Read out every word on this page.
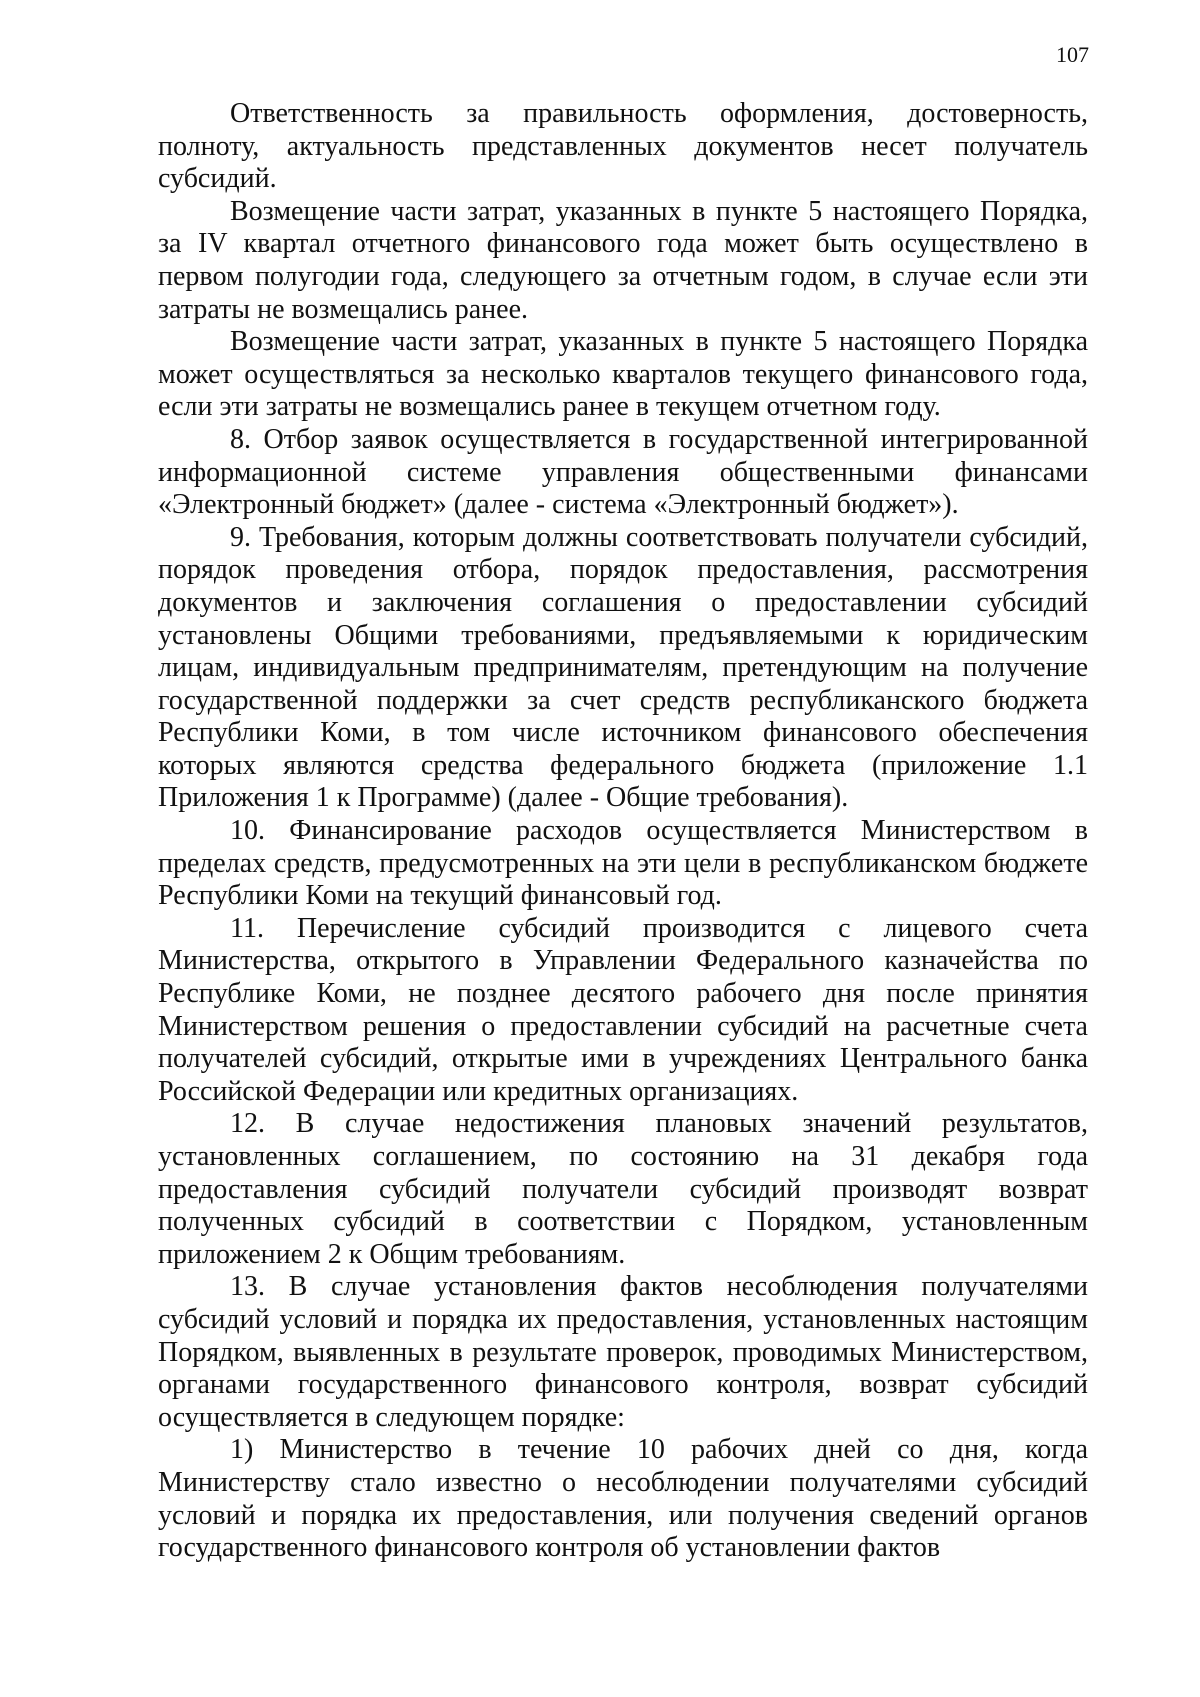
107

Ответственность за правильность оформления, достоверность, полноту, актуальность представленных документов несет получатель субсидий.

Возмещение части затрат, указанных в пункте 5 настоящего Порядка, за IV квартал отчетного финансового года может быть осуществлено в первом полугодии года, следующего за отчетным годом, в случае если эти затраты не возмещались ранее.

Возмещение части затрат, указанных в пункте 5 настоящего Порядка может осуществляться за несколько кварталов текущего финансового года, если эти затраты не возмещались ранее в текущем отчетном году.

8. Отбор заявок осуществляется в государственной интегрированной информационной системе управления общественными финансами «Электронный бюджет» (далее - система «Электронный бюджет»).

9. Требования, которым должны соответствовать получатели субсидий, порядок проведения отбора, порядок предоставления, рассмотрения документов и заключения соглашения о предоставлении субсидий установлены Общими требованиями, предъявляемыми к юридическим лицам, индивидуальным предпринимателям, претендующим на получение государственной поддержки за счет средств республиканского бюджета Республики Коми, в том числе источником финансового обеспечения которых являются средства федерального бюджета (приложение 1.1 Приложения 1 к Программе) (далее - Общие требования).

10. Финансирование расходов осуществляется Министерством в пределах средств, предусмотренных на эти цели в республиканском бюджете Республики Коми на текущий финансовый год.

11. Перечисление субсидий производится с лицевого счета Министерства, открытого в Управлении Федерального казначейства по Республике Коми, не позднее десятого рабочего дня после принятия Министерством решения о предоставлении субсидий на расчетные счета получателей субсидий, открытые ими в учреждениях Центрального банка Российской Федерации или кредитных организациях.

12. В случае недостижения плановых значений результатов, установленных соглашением, по состоянию на 31 декабря года предоставления субсидий получатели субсидий производят возврат полученных субсидий в соответствии с Порядком, установленным приложением 2 к Общим требованиям.

13. В случае установления фактов несоблюдения получателями субсидий условий и порядка их предоставления, установленных настоящим Порядком, выявленных в результате проверок, проводимых Министерством, органами государственного финансового контроля, возврат субсидий осуществляется в следующем порядке:

1) Министерство в течение 10 рабочих дней со дня, когда Министерству стало известно о несоблюдении получателями субсидий условий и порядка их предоставления, или получения сведений органов государственного финансового контроля об установлении фактов
